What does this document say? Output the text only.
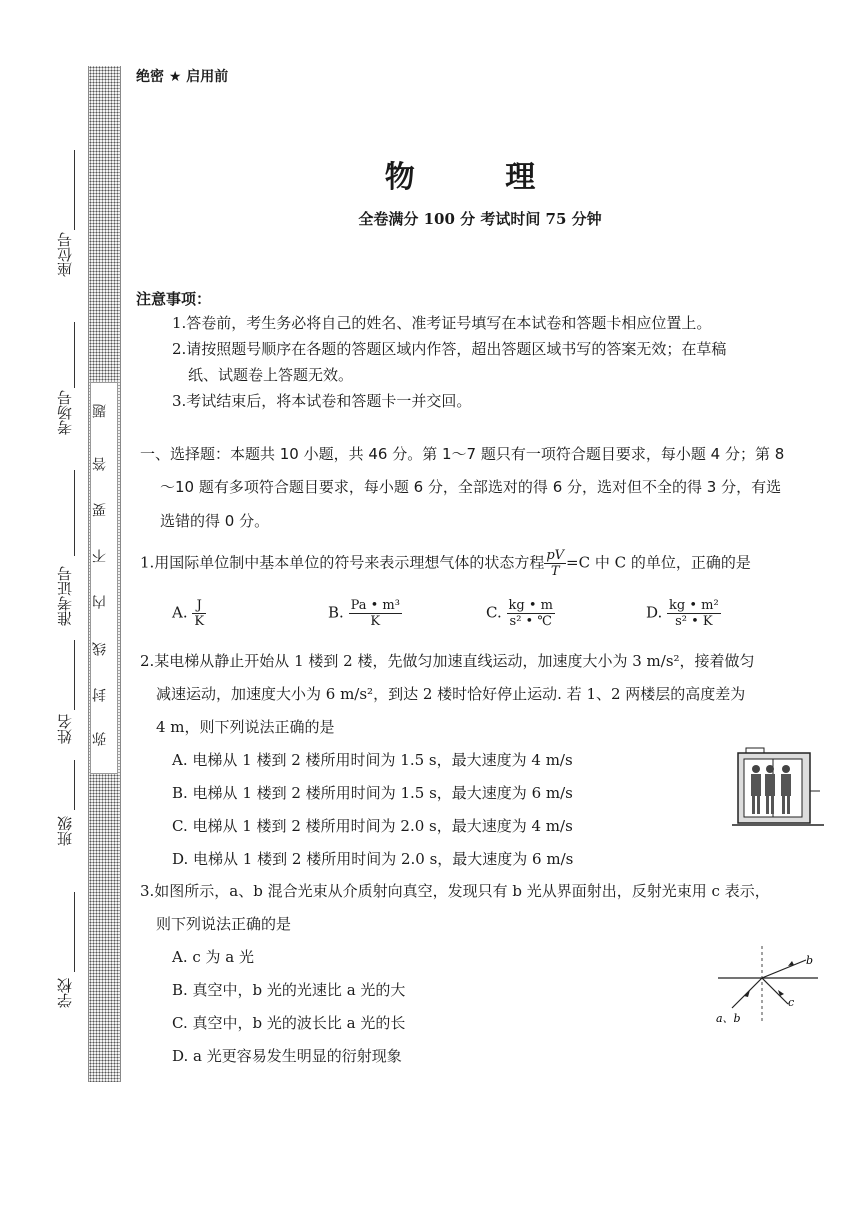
题
答
要
不
内
线
封
弥
座位号
考场号
准考证号
姓名
班级
学校
绝密 ★ 启用前
物 理
全卷满分 100 分 考试时间 75 分钟
注意事项：
1.答卷前，考生务必将自己的姓名、准考证号填写在本试卷和答题卡相应位置上。
2.请按照题号顺序在各题的答题区域内作答，超出答题区域书写的答案无效；在草稿
纸、试题卷上答题无效。
3.考试结束后，将本试卷和答题卡一并交回。
一、选择题：本题共 10 小题，共 46 分。第 1～7 题只有一项符合题目要求，每小题 4 分；第 8
～10 题有多项符合题目要求，每小题 6 分，全部选对的得 6 分，选对但不全的得 3 分，有选
选错的得 0 分。
1.用国际单位制中基本单位的符号来表示理想气体的状态方程 $\frac{pV}{T} =C$ 中 C 的单位，正确的是
A. $\frac{J}{K}$	B. $\frac{\text{Pa • m³}}{K}$	C. $\frac{kg • m}{\text{s² • ℃}}$	D. $\frac{\text{kg • m²}}{\text{s² • K}}$
2.某电梯从静止开始从 1 楼到 2 楼，先做匀加速直线运动，加速度大小为 3 m/s²，接着做匀
减速运动，加速度大小为 6 m/s²，到达 2 楼时恰好停止运动. 若 1、2 两楼层的高度差为
4 m，则下列说法正确的是
A. 电梯从 1 楼到 2 楼所用时间为 1.5 s，最大速度为 4 m/s
B. 电梯从 1 楼到 2 楼所用时间为 1.5 s，最大速度为 6 m/s
C. 电梯从 1 楼到 2 楼所用时间为 2.0 s，最大速度为 4 m/s
D. 电梯从 1 楼到 2 楼所用时间为 2.0 s，最大速度为 6 m/s
3.如图所示，a、b 混合光束从介质射向真空，发现只有 b 光从界面射出，反射光束用 c 表示，
则下列说法正确的是
A. c 为 a 光
B. 真空中，b 光的光速比 a 光的大
C. 真空中，b 光的波长比 a 光的长
D. a 光更容易发生明显的衍射现象
b
c
a、b
